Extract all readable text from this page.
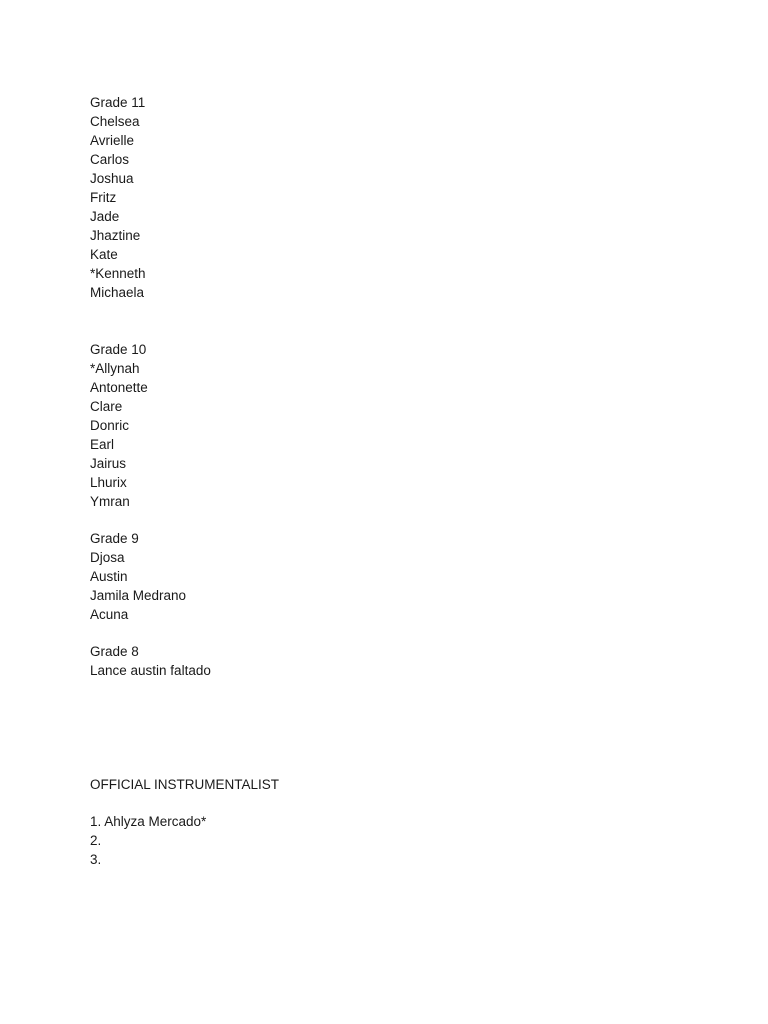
Grade 11
Chelsea
Avrielle
Carlos
Joshua
Fritz
Jade
Jhaztine
Kate
*Kenneth
Michaela
Grade 10
*Allynah
Antonette
Clare
Donric
Earl
Jairus
Lhurix
Ymran
Grade 9
Djosa
Austin
Jamila Medrano
Acuna
Grade 8
Lance austin faltado
OFFICIAL INSTRUMENTALIST
1. Ahlyza Mercado*
2.
3.
